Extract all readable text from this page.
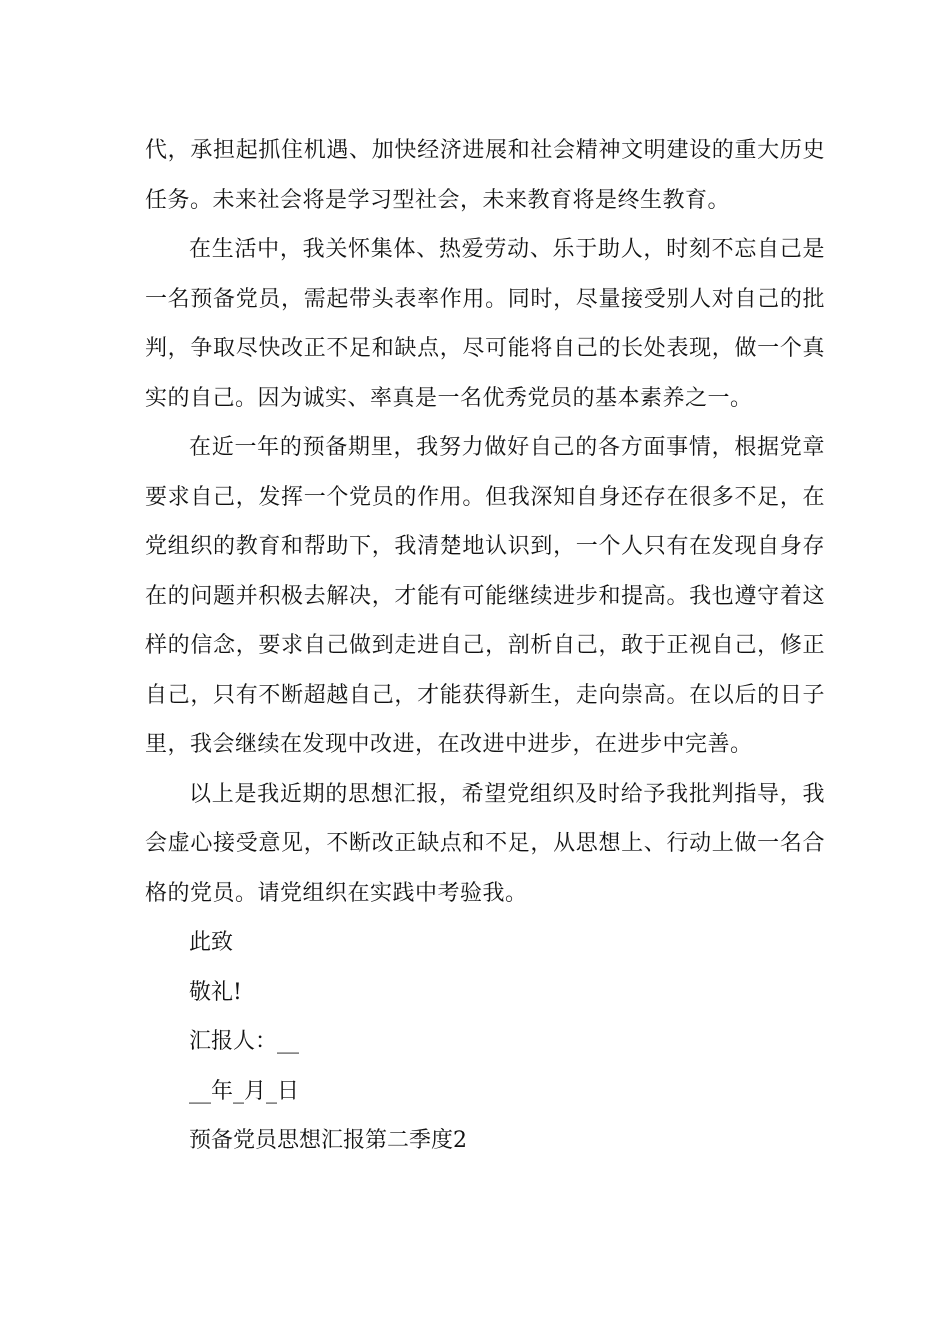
代，承担起抓住机遇、加快经济进展和社会精神文明建设的重大历史任务。未来社会将是学习型社会，未来教育将是终生教育。

在生活中，我关怀集体、热爱劳动、乐于助人，时刻不忘自己是一名预备党员，需起带头表率作用。同时，尽量接受别人对自己的批判，争取尽快改正不足和缺点，尽可能将自己的长处表现，做一个真实的自己。因为诚实、率真是一名优秀党员的基本素养之一。

在近一年的预备期里，我努力做好自己的各方面事情，根据党章要求自己，发挥一个党员的作用。但我深知自身还存在很多不足，在党组织的教育和帮助下，我清楚地认识到，一个人只有在发现自身存在的问题并积极去解决，才能有可能继续进步和提高。我也遵守着这样的信念，要求自己做到走进自己，剖析自己，敢于正视自己，修正自己，只有不断超越自己，才能获得新生，走向崇高。在以后的日子里，我会继续在发现中改进，在改进中进步，在进步中完善。

以上是我近期的思想汇报，希望党组织及时给予我批判指导，我会虚心接受意见，不断改正缺点和不足，从思想上、行动上做一名合格的党员。请党组织在实践中考验我。

此致

敬礼!

汇报人：__

__年_月_日

预备党员思想汇报第二季度2
